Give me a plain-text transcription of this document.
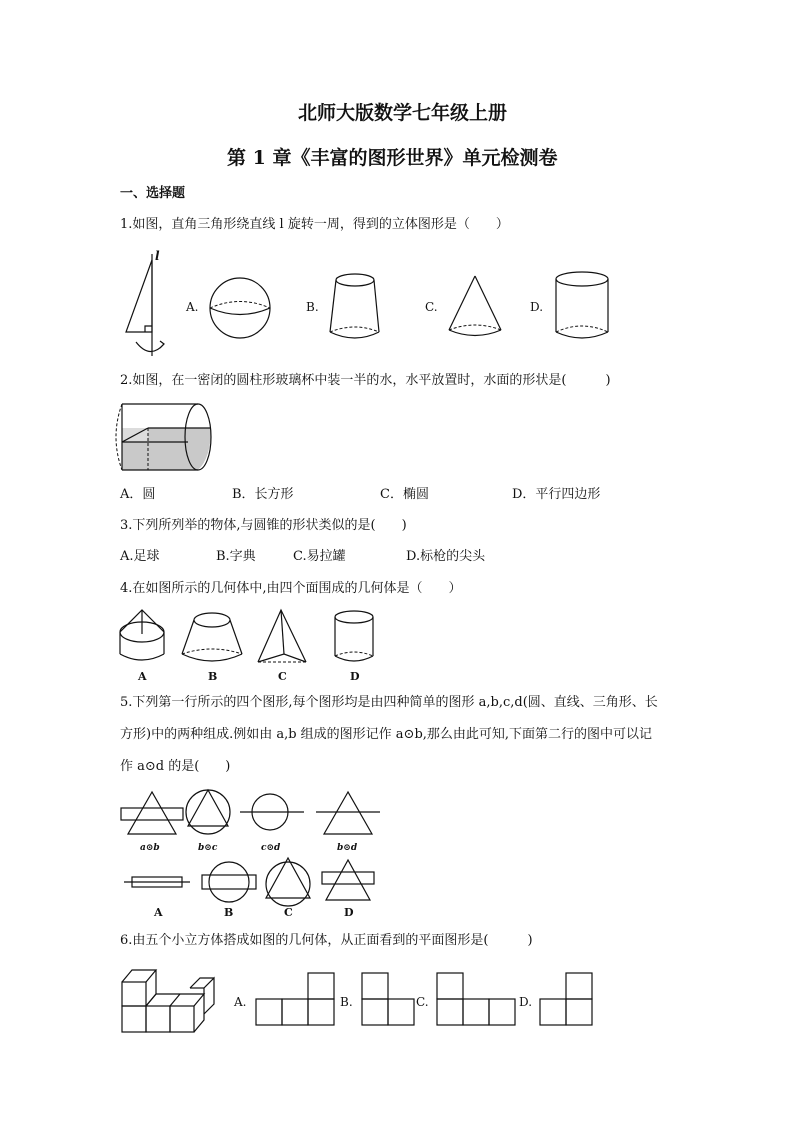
北师大版数学七年级上册
第 1 章《丰富的图形世界》单元检测卷
一、选择题
1.如图，直角三角形绕直线 l 旋转一周，得到的立体图形是（　　）
l
A.	B.	C.	D.
2.如图，在一密闭的圆柱形玻璃杯中装一半的水，水平放置时，水面的形状是(　　　)
A．圆	B．长方形	C．椭圆	D．平行四边形
3.下列所列举的物体,与圆锥的形状类似的是(　　)
A.足球	B.字典	C.易拉罐	D.标枪的尖头
4.在如图所示的几何体中,由四个面围成的几何体是（　　）
A	B	C	D
5.下列第一行所示的四个图形,每个图形均是由四种简单的图形 a,b,c,d(圆、直线、三角形、长
方形)中的两种组成.例如由 a,b 组成的图形记作 a⊙b,那么由此可知,下面第二行的图中可以记
作 a⊙d 的是(　　)
a⊙b	b⊙c	c⊙d	b⊙d
A	B	C	D
6.由五个小立方体搭成如图的几何体，从正面看到的平面图形是(　　　)
A.	B.	C.	D.
